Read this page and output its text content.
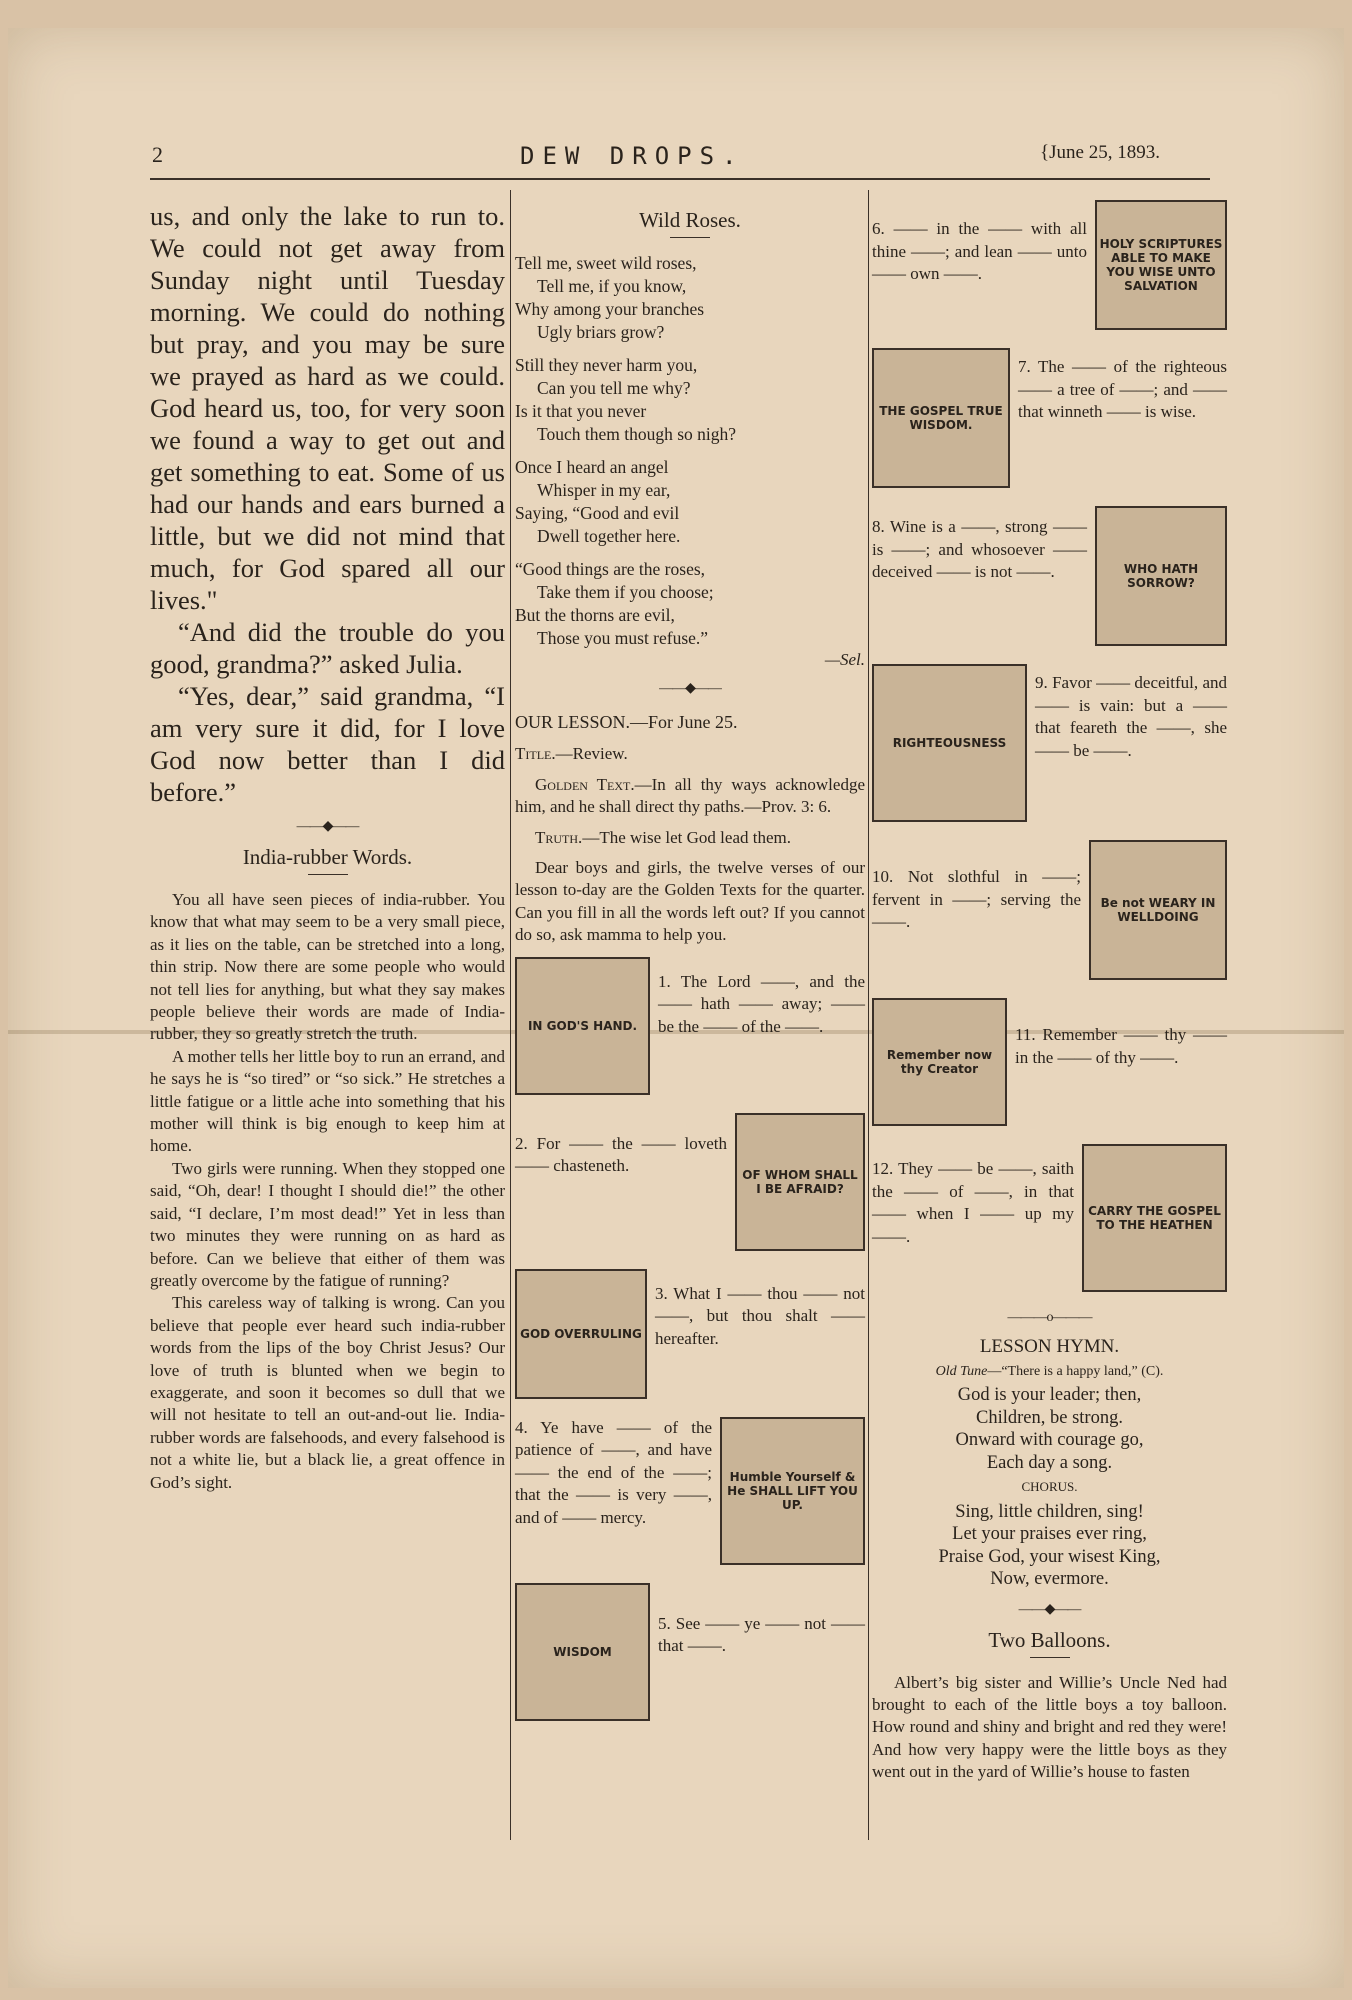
2	DEW DROPS.	{June 25, 1893.

us, and only the lake to run to. We could not get away from Sunday night until Tuesday morning. We could do nothing but pray, and you may be sure we prayed as hard as we could. God heard us, too, for very soon we found a way to get out and get something to eat. Some of us had our hands and ears burned a little, but we did not mind that much, for God spared all our lives."

“And did the trouble do you good, grandma?” asked Julia.

“Yes, dear,” said grandma, “I am very sure it did, for I love God now better than I did before.”

——◆——
India-rubber Words.

You all have seen pieces of india-rubber. You know that what may seem to be a very small piece, as it lies on the table, can be stretched into a long, thin strip. Now there are some people who would not tell lies for anything, but what they say makes people believe their words are made of India-rubber, they so greatly stretch the truth.

A mother tells her little boy to run an errand, and he says he is “so tired” or “so sick.” He stretches a little fatigue or a little ache into something that his mother will think is big enough to keep him at home.

Two girls were running. When they stopped one said, “Oh, dear! I thought I should die!” the other said, “I declare, I’m most dead!” Yet in less than two minutes they were running on as hard as before. Can we believe that either of them was greatly overcome by the fatigue of running?

This careless way of talking is wrong. Can you believe that people ever heard such india-rubber words from the lips of the boy Christ Jesus? Our love of truth is blunted when we begin to exaggerate, and soon it becomes so dull that we will not hesitate to tell an out-and-out lie. India-rubber words are falsehoods, and every falsehood is not a white lie, but a black lie, a great offence in God’s sight.

Wild Roses.
Tell me, sweet wild roses,
Tell me, if you know,
Why among your branches
Ugly briars grow?
Still they never harm you,
Can you tell me why?
Is it that you never
Touch them though so nigh?
Once I heard an angel
Whisper in my ear,
Saying, “Good and evil
Dwell together here.
“Good things are the roses,
Take them if you choose;
But the thorns are evil,
Those you must refuse.”
—Sel.
——◆——

OUR LESSON.—For June 25.

Title.—Review.

Golden Text.—In all thy ways acknowledge him, and he shall direct thy paths.—Prov. 3: 6.

Truth.—The wise let God lead them.

Dear boys and girls, the twelve verses of our lesson to-day are the Golden Texts for the quarter. Can you fill in all the words left out? If you cannot do so, ask mamma to help you.

IN GOD'S HAND.
1. The Lord ——, and the —— hath —— away; —— be the —— of the ——.
2. For —— the —— loveth —— chasteneth.	OF WHOM SHALL I BE AFRAID?
GOD OVERRULING
3. What I —— thou —— not ——, but thou shalt —— hereafter.
4. Ye have —— of the patience of ——, and have —— the end of the ——; that the —— is very ——, and of —— mercy.
Humble Yourself & He SHALL LIFT YOU UP.
WISDOM
5. See —— ye —— not —— that ——.
6. —— in the —— with all thine ——; and lean —— unto —— own ——.
HOLY SCRIPTURES ABLE TO MAKE YOU WISE UNTO SALVATION
THE GOSPEL TRUE WISDOM.
7. The —— of the righteous —— a tree of ——; and —— that winneth —— is wise.
8. Wine is a ——, strong —— is ——; and whosoever —— deceived —— is not ——.	WHO HATH SORROW?
RIGHTEOUSNESS
9. Favor —— deceitful, and —— is vain: but a —— that feareth the ——, she —— be ——.
10. Not slothful in ——; fervent in ——; serving the ——.
Be not WEARY IN WELLDOING
Remember now thy Creator
11. Remember —— thy —— in the —— of thy ——.
12. They —— be ——, saith the —— of ——, in that —— when I —— up my ——.
CARRY THE GOSPEL TO THE HEATHEN
———o———
LESSON HYMN.
Old Tune—“There is a happy land,” (C).
God is your leader; then,
Children, be strong.
Onward with courage go,
Each day a song.
CHORUS.
Sing, little children, sing!
Let your praises ever ring,
Praise God, your wisest King,
Now, evermore.
——◆——
Two Balloons.

Albert’s big sister and Willie’s Uncle Ned had brought to each of the little boys a toy balloon. How round and shiny and bright and red they were! And how very happy were the little boys as they went out in the yard of Willie’s house to fasten
